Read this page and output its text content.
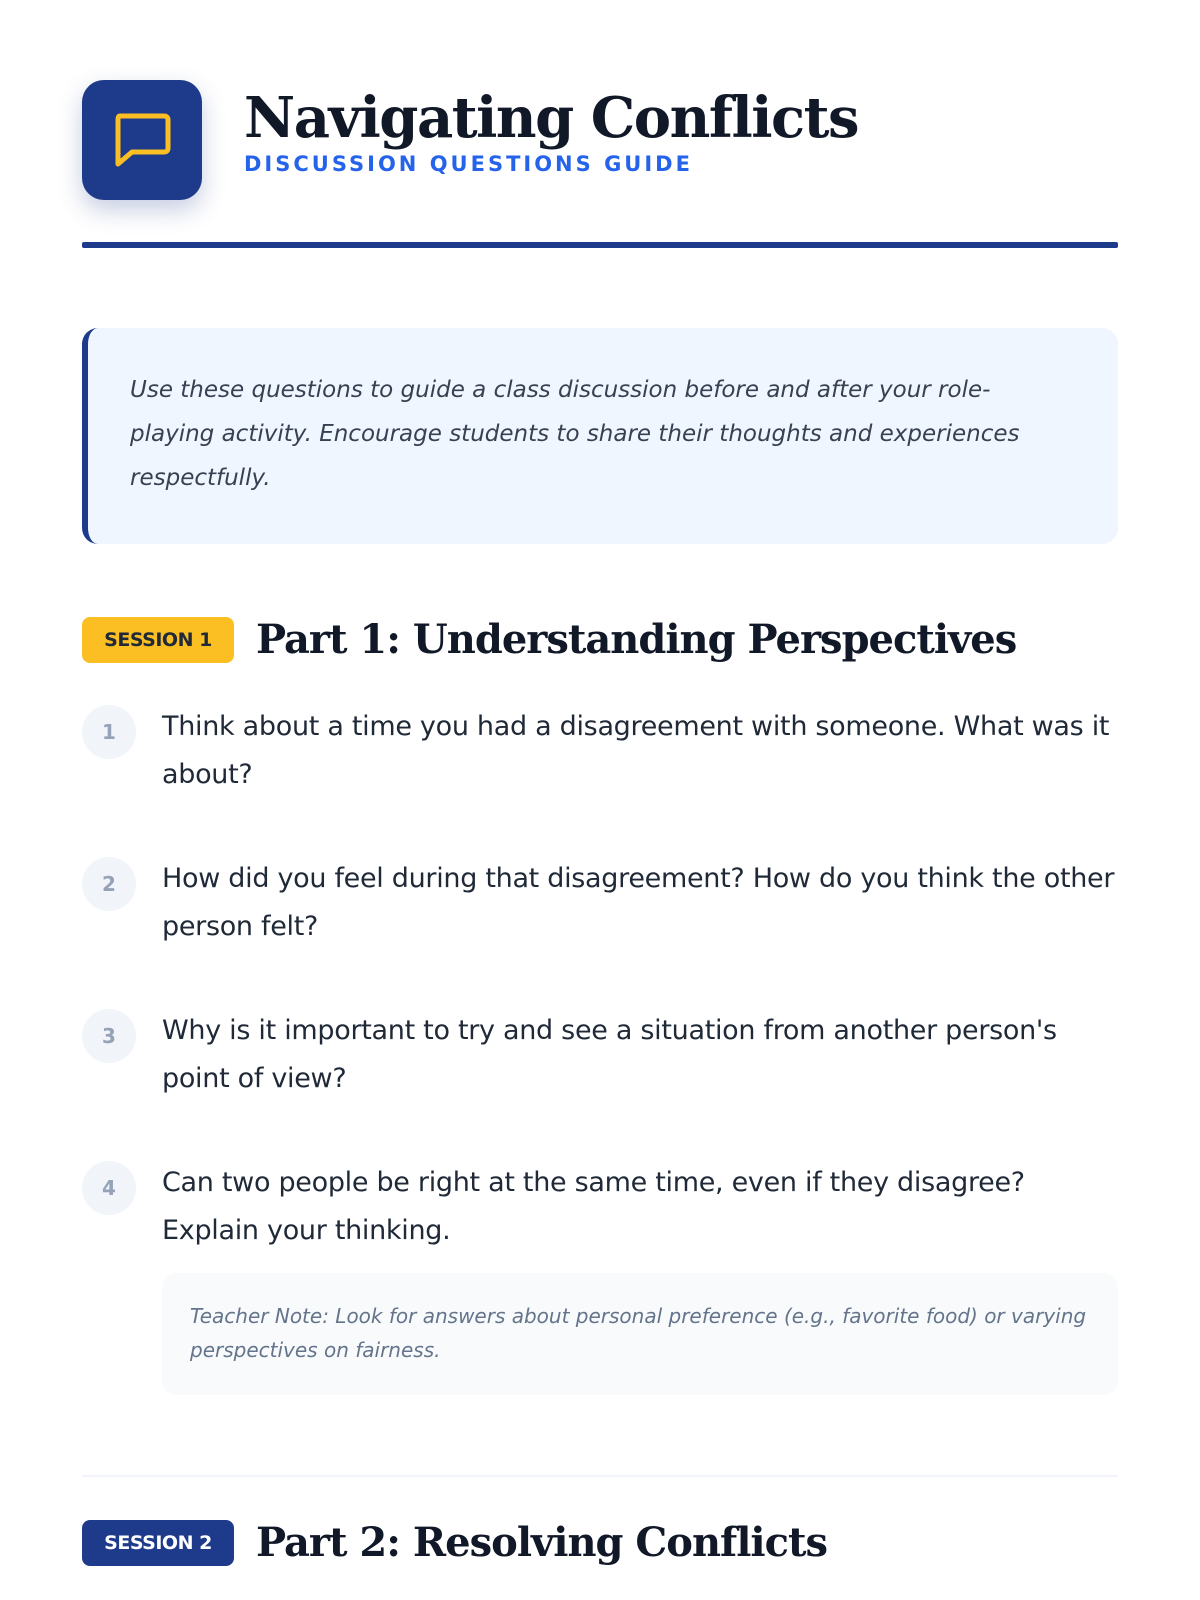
Navigating Conflicts
DISCUSSION QUESTIONS GUIDE

Use these questions to guide a class discussion before and after your role-playing activity. Encourage students to share their thoughts and experiences respectfully.

SESSION 1	Part 1: Understanding Perspectives
1	Think about a time you had a disagreement with someone. What was it about?

2	How did you feel during that disagreement? How do you think the other person felt?

3	Why is it important to try and see a situation from another person's point of view?

4	Can two people be right at the same time, even if they disagree? Explain your thinking.

Teacher Note: Look for answers about personal preference (e.g., favorite food) or varying perspectives on fairness.
SESSION 2	Part 2: Resolving Conflicts
